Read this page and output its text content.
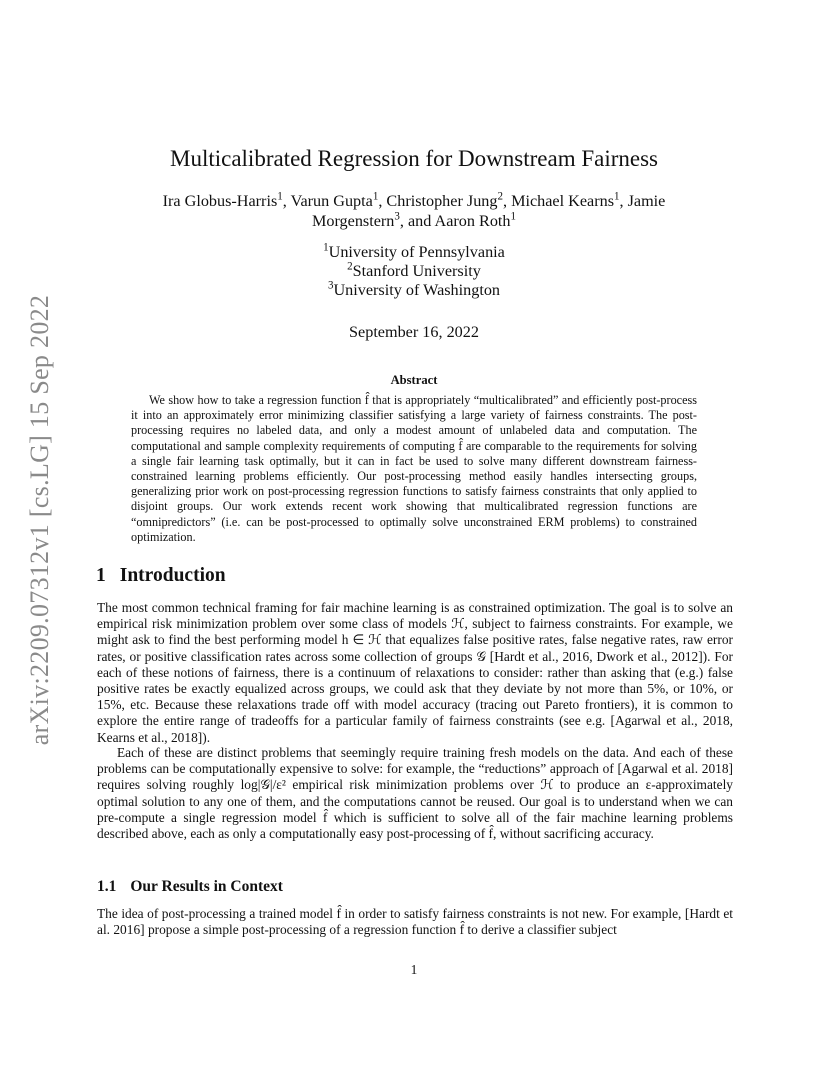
arXiv:2209.07312v1 [cs.LG] 15 Sep 2022
Multicalibrated Regression for Downstream Fairness
Ira Globus-Harris$^1$, Varun Gupta$^1$, Christopher Jung$^2$, Michael Kearns$^1$, Jamie Morgenstern$^3$, and Aaron Roth$^1$
$^1$University of Pennsylvania
$^2$Stanford University
$^3$University of Washington
September 16, 2022
Abstract
We show how to take a regression function f̂ that is appropriately “multicalibrated” and efficiently post-process it into an approximately error minimizing classifier satisfying a large variety of fairness constraints. The post-processing requires no labeled data, and only a modest amount of unlabeled data and computation. The computational and sample complexity requirements of computing f̂ are comparable to the requirements for solving a single fair learning task optimally, but it can in fact be used to solve many different downstream fairness-constrained learning problems efficiently. Our post-processing method easily handles intersecting groups, generalizing prior work on post-processing regression functions to satisfy fairness constraints that only applied to disjoint groups. Our work extends recent work showing that multicalibrated regression functions are “omnipredictors” (i.e. can be post-processed to optimally solve unconstrained ERM problems) to constrained optimization.
1 Introduction
The most common technical framing for fair machine learning is as constrained optimization. The goal is to solve an empirical risk minimization problem over some class of models ℋ, subject to fairness constraints. For example, we might ask to find the best performing model h ∈ ℋ that equalizes false positive rates, false negative rates, raw error rates, or positive classification rates across some collection of groups 𝒢 [Hardt et al., 2016, Dwork et al., 2012]). For each of these notions of fairness, there is a continuum of relaxations to consider: rather than asking that (e.g.) false positive rates be exactly equalized across groups, we could ask that they deviate by not more than 5%, or 10%, or 15%, etc. Because these relaxations trade off with model accuracy (tracing out Pareto frontiers), it is common to explore the entire range of tradeoffs for a particular family of fairness constraints (see e.g. [Agarwal et al., 2018, Kearns et al., 2018]).
Each of these are distinct problems that seemingly require training fresh models on the data. And each of these problems can be computationally expensive to solve: for example, the “reductions” approach of [Agarwal et al. 2018] requires solving roughly log|𝒢|/ε² empirical risk minimization problems over ℋ to produce an ε-approximately optimal solution to any one of them, and the computations cannot be reused. Our goal is to understand when we can pre-compute a single regression model f̂ which is sufficient to solve all of the fair machine learning problems described above, each as only a computationally easy post-processing of f̂, without sacrificing accuracy.
1.1 Our Results in Context
The idea of post-processing a trained model f̂ in order to satisfy fairness constraints is not new. For example, [Hardt et al. 2016] propose a simple post-processing of a regression function f̂ to derive a classifier subject
1
